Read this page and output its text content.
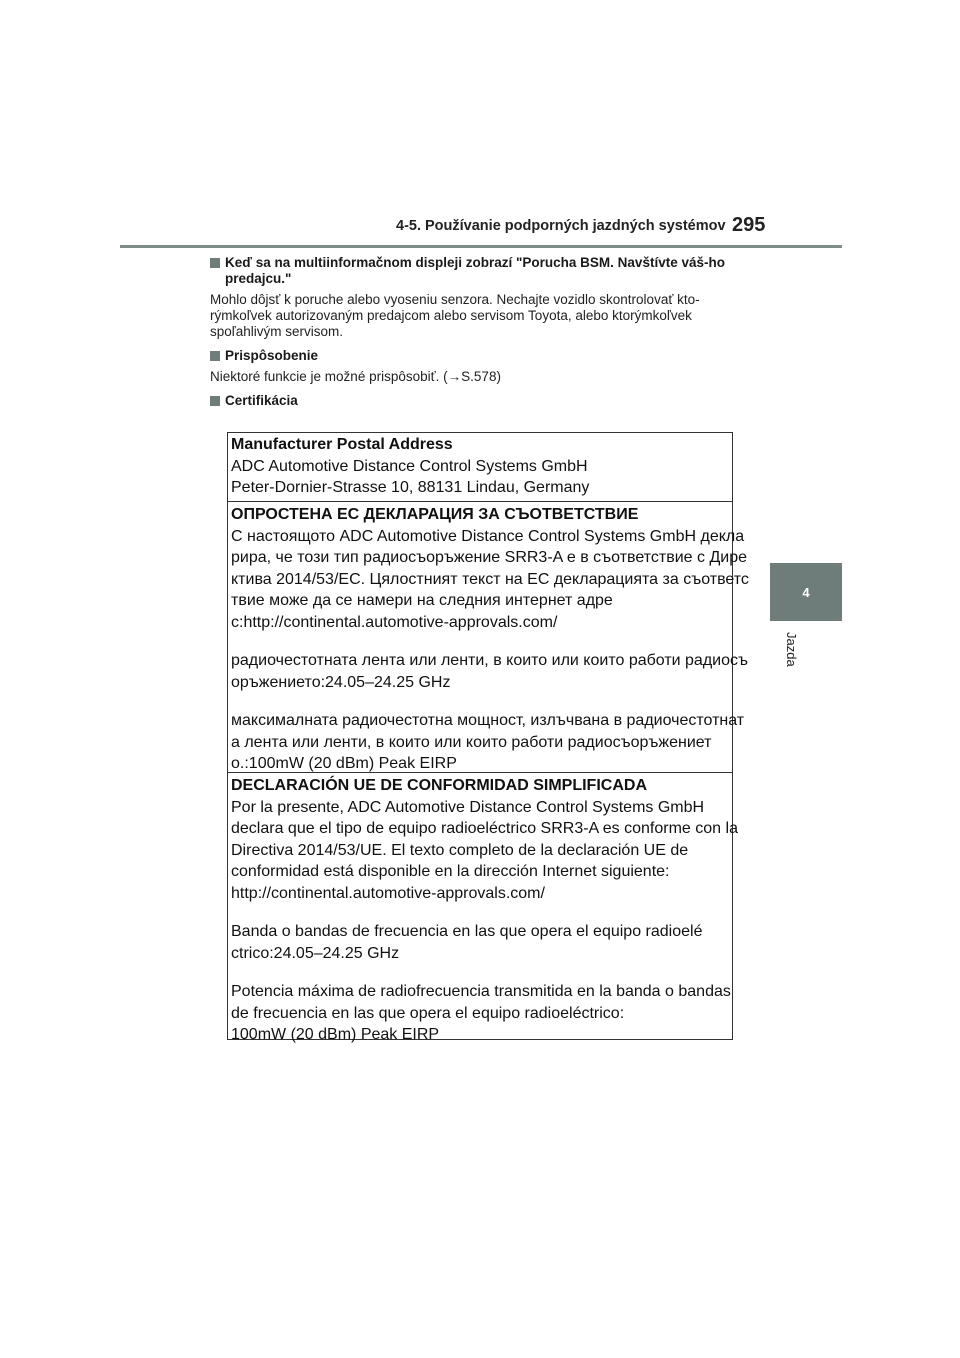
4-5. Používanie podporných jazdných systémov 295
4
Jazda
Keď sa na multiinformačnom displeji zobrazí "Porucha BSM. Navštívte váš-ho predajcu."
Mohlo dôjsť k poruche alebo vyoseniu senzora. Nechajte vozidlo skontrolovať kto-rýmkoľvek autorizovaným predajcom alebo servisom Toyota, alebo ktorýmkoľvek spoľahlivým servisom.
Prispôsobenie
Niektoré funkcie je možné prispôsobiť. (→S.578)
Certifikácia
Manufacturer Postal Address
ADC Automotive Distance Control Systems GmbH
Peter-Dornier-Strasse 10, 88131 Lindau, Germany
ОПРОСТЕНА ЕС ДЕКЛАРАЦИЯ ЗА СЪОТВЕТСТВИЕ
С настоящото ADC Automotive Distance Control Systems GmbH декла
рира, че този тип радиосъоръжение SRR3-A е в съответствие с Дире
ктива 2014/53/ЕС. Цялостният текст на ЕС декларацията за съответс
твие може да се намери на следния интернет адре
с:http://continental.automotive-approvals.com/
радиочестотната лента или ленти, в които или които работи радиосъ
оръжението:24.05–24.25 GHz
максималната радиочестотна мощност, излъчвана в радиочестотнат
а лента или ленти, в които или които работи радиосъоръжениет
о.:100mW (20 dBm) Peak EIRP
DECLARACIÓN UE DE CONFORMIDAD SIMPLIFICADA
Por la presente, ADC Automotive Distance Control Systems GmbH
declara que el tipo de equipo radioeléctrico SRR3-A es conforme con la
Directiva 2014/53/UE. El texto completo de la declaración UE de
conformidad está disponible en la dirección Internet siguiente:
http://continental.automotive-approvals.com/
Banda o bandas de frecuencia en las que opera el equipo radioelé
ctrico:24.05–24.25 GHz
Potencia máxima de radiofrecuencia transmitida en la banda o bandas
de frecuencia en las que opera el equipo radioeléctrico:
100mW (20 dBm) Peak EIRP
